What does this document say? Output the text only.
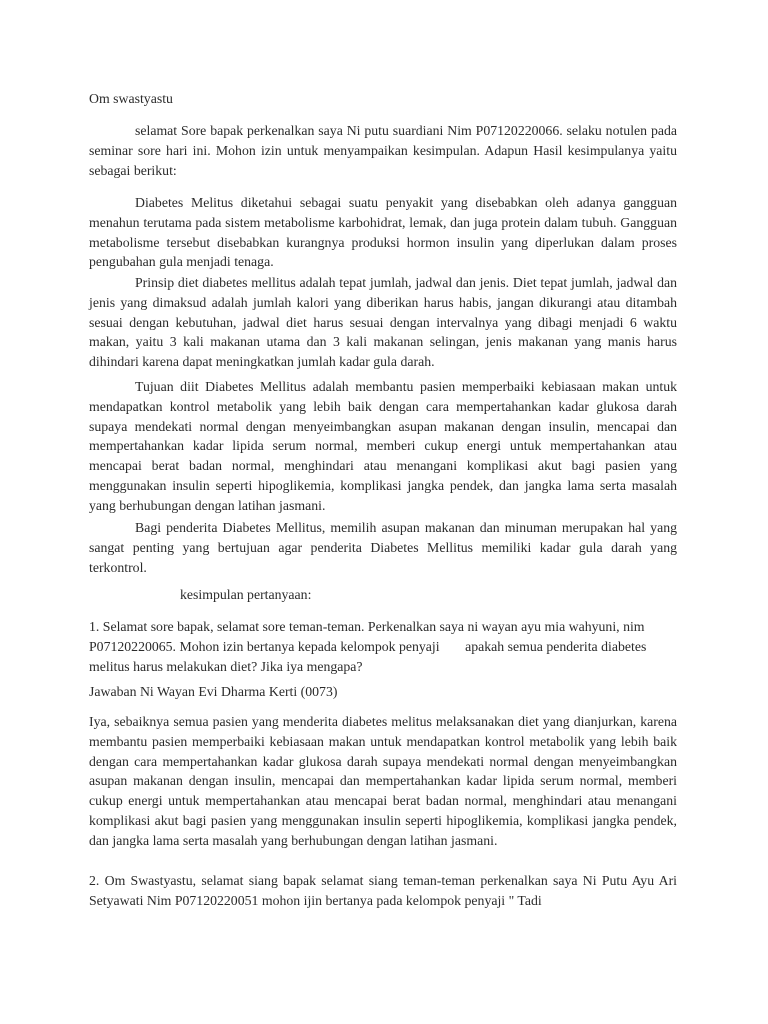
Om swastyastu

selamat Sore bapak perkenalkan saya Ni putu suardiani Nim P07120220066. selaku notulen pada seminar sore hari ini. Mohon izin untuk menyampaikan kesimpulan. Adapun Hasil kesimpulanya yaitu sebagai berikut:

Diabetes Melitus diketahui sebagai suatu penyakit yang disebabkan oleh adanya gangguan menahun terutama pada sistem metabolisme karbohidrat, lemak, dan juga protein dalam tubuh. Gangguan metabolisme tersebut disebabkan kurangnya produksi hormon insulin yang diperlukan dalam proses pengubahan gula menjadi tenaga.

Prinsip diet diabetes mellitus adalah tepat jumlah, jadwal dan jenis. Diet tepat jumlah, jadwal dan jenis yang dimaksud adalah jumlah kalori yang diberikan harus habis, jangan dikurangi atau ditambah sesuai dengan kebutuhan, jadwal diet harus sesuai dengan intervalnya yang dibagi menjadi 6 waktu makan, yaitu 3 kali makanan utama dan 3 kali makanan selingan, jenis makanan yang manis harus dihindari karena dapat meningkatkan jumlah kadar gula darah.

Tujuan diit Diabetes Mellitus adalah membantu pasien memperbaiki kebiasaan makan untuk mendapatkan kontrol metabolik yang lebih baik dengan cara mempertahankan kadar glukosa darah supaya mendekati normal dengan menyeimbangkan asupan makanan dengan insulin, mencapai dan mempertahankan kadar lipida serum normal, memberi cukup energi untuk mempertahankan atau mencapai berat badan normal, menghindari atau menangani komplikasi akut bagi pasien yang menggunakan insulin seperti hipoglikemia, komplikasi jangka pendek, dan jangka lama serta masalah yang berhubungan dengan latihan jasmani.

Bagi penderita Diabetes Mellitus, memilih asupan makanan dan minuman merupakan hal yang sangat penting yang bertujuan agar penderita Diabetes Mellitus memiliki kadar gula darah yang terkontrol.

kesimpulan pertanyaan:

1. Selamat sore bapak, selamat sore teman-teman. Perkenalkan saya ni wayan ayu mia wahyuni, nim P07120220065. Mohon izin bertanya kepada kelompok penyaji apakah semua penderita diabetes melitus harus melakukan diet? Jika iya mengapa?

Jawaban Ni Wayan Evi Dharma Kerti (0073)

Iya, sebaiknya semua pasien yang menderita diabetes melitus melaksanakan diet yang dianjurkan, karena membantu pasien memperbaiki kebiasaan makan untuk mendapatkan kontrol metabolik yang lebih baik dengan cara mempertahankan kadar glukosa darah supaya mendekati normal dengan menyeimbangkan asupan makanan dengan insulin, mencapai dan mempertahankan kadar lipida serum normal, memberi cukup energi untuk mempertahankan atau mencapai berat badan normal, menghindari atau menangani komplikasi akut bagi pasien yang menggunakan insulin seperti hipoglikemia, komplikasi jangka pendek, dan jangka lama serta masalah yang berhubungan dengan latihan jasmani.

2. Om Swastyastu, selamat siang bapak selamat siang teman-teman perkenalkan saya Ni Putu Ayu Ari Setyawati Nim P07120220051 mohon ijin bertanya pada kelompok penyaji " Tadi
